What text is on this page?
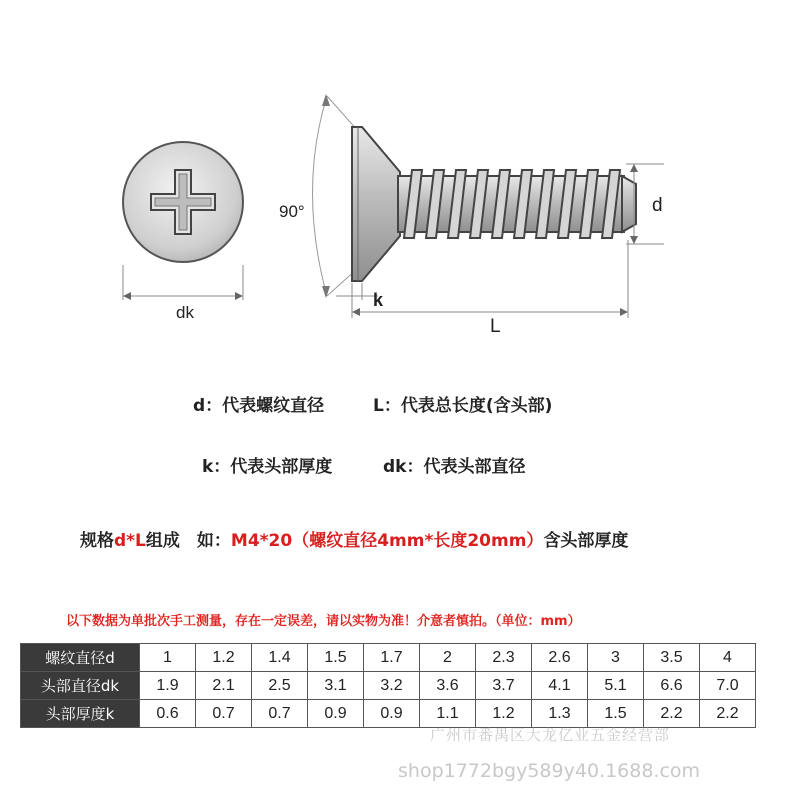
dk
90°
k
d
L
d：代表螺纹直径	L：代表总长度(含头部)
k：代表头部厚度	dk：代表头部直径
规格d*L组成　如：M4*20（螺纹直径4mm*长度20mm）含头部厚度
以下数据为单批次手工测量，存在一定误差，请以实物为准！介意者慎拍。（单位：mm）
螺纹直径d	1	1.2	1.4	1.5	1.7	2	2.3	2.6	3	3.5	4
头部直径dk	1.9	2.1	2.5	3.1	3.2	3.6	3.7	4.1	5.1	6.6	7.0
头部厚度k	0.6	0.7	0.7	0.9	0.9	1.1	1.2	1.3	1.5	2.2	2.2
广州市番禺区大龙亿业五金经营部
shop1772bgy589y40.1688.com
